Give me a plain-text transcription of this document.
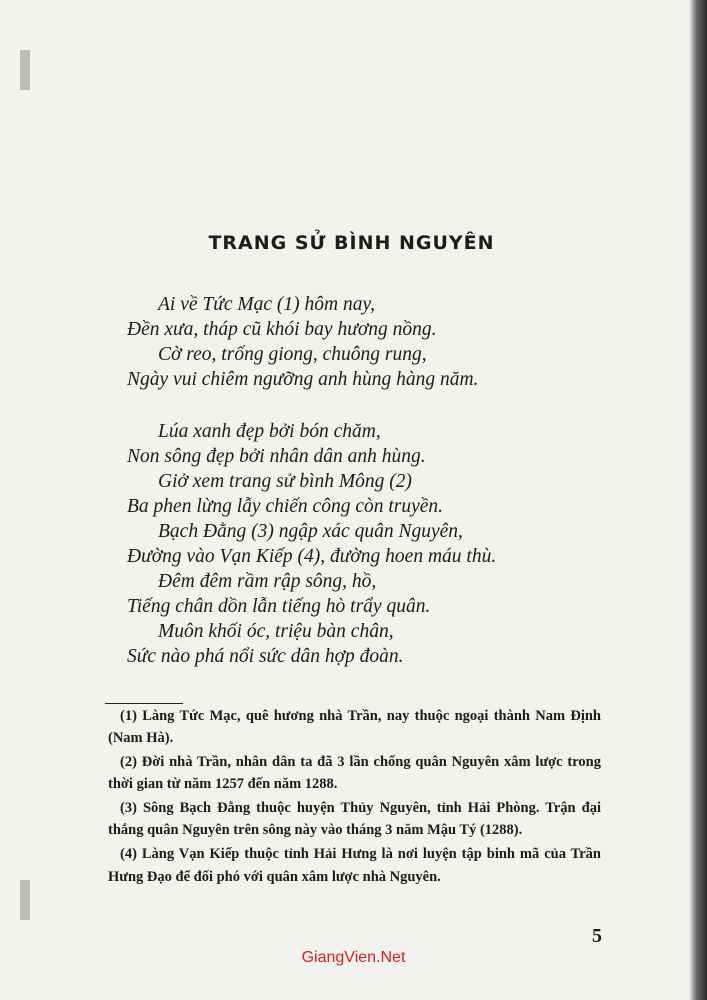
TRANG SỬ BÌNH NGUYÊN
Ai về Tức Mạc (1) hôm nay,
Đền xưa, tháp cũ khói bay hương nồng.
Cờ reo, trống giong, chuông rung,
Ngày vui chiêm ngưỡng anh hùng hàng năm.
Lúa xanh đẹp bởi bón chăm,
Non sông đẹp bởi nhân dân anh hùng.
Giở xem trang sử bình Mông (2)
Ba phen lừng lẫy chiến công còn truyền.
Bạch Đằng (3) ngập xác quân Nguyên,
Đường vào Vạn Kiếp (4), đường hoen máu thù.
Đêm đêm rầm rập sông, hồ,
Tiếng chân dồn lẫn tiếng hò trẩy quân.
Muôn khối óc, triệu bàn chân,
Sức nào phá nổi sức dân hợp đoàn.
(1) Làng Tức Mạc, quê hương nhà Trần, nay thuộc ngoại thành Nam Định (Nam Hà).
(2) Đời nhà Trần, nhân dân ta đã 3 lần chống quân Nguyên xâm lược trong thời gian từ năm 1257 đến năm 1288.
(3) Sông Bạch Đằng thuộc huyện Thủy Nguyên, tỉnh Hải Phòng. Trận đại thắng quân Nguyên trên sông này vào tháng 3 năm Mậu Tý (1288).
(4) Làng Vạn Kiếp thuộc tỉnh Hải Hưng là nơi luyện tập binh mã của Trần Hưng Đạo để đối phó với quân xâm lược nhà Nguyên.
5
GiangVien.Net
